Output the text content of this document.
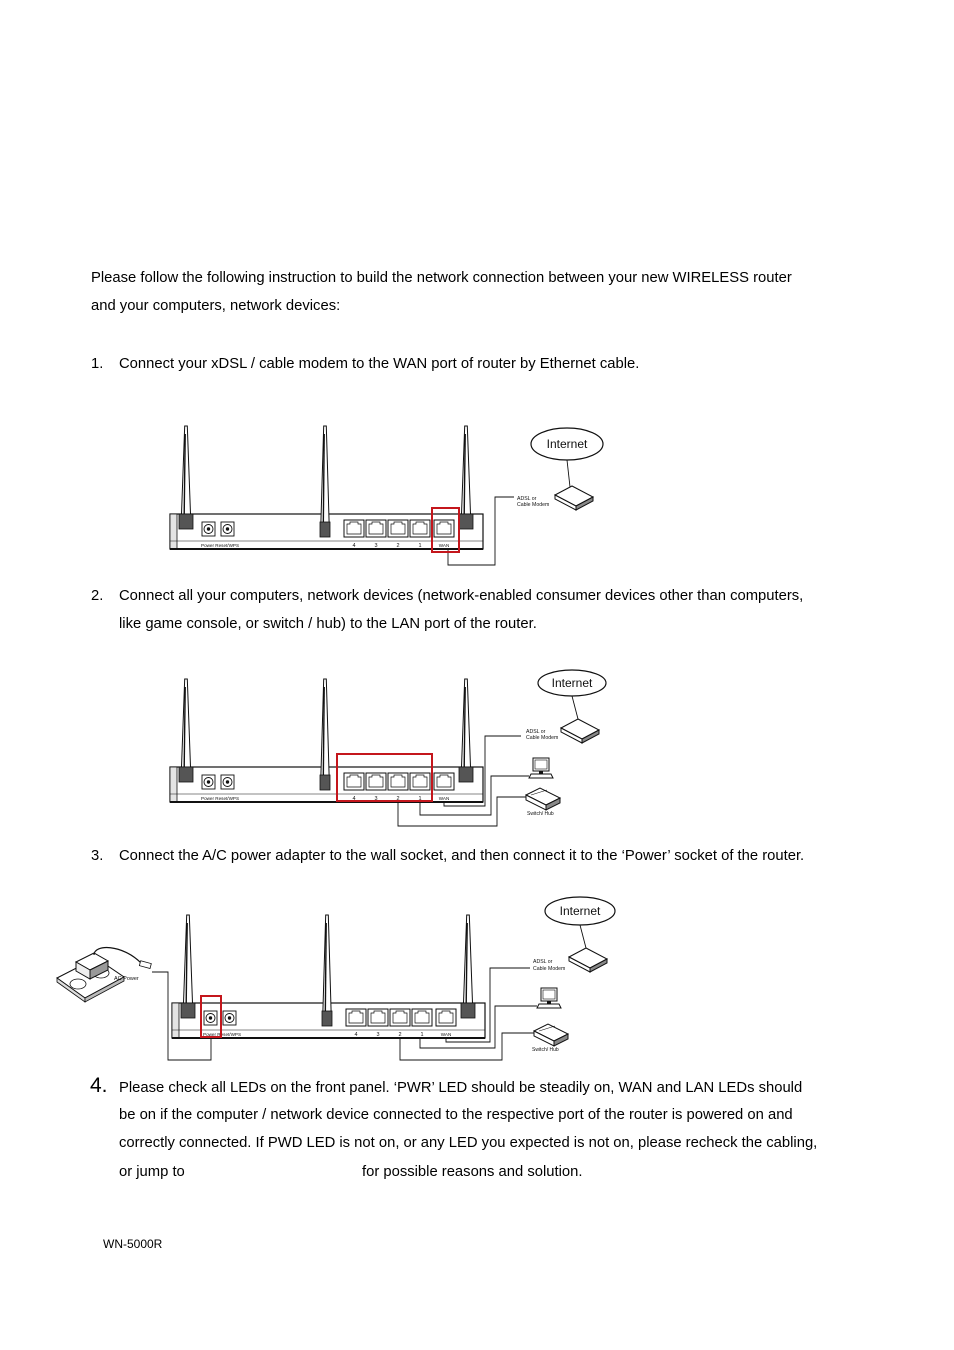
Power Reset/WPS	4	3	2	1	WAN
Internet
ADSL or
Cable Modem
Power Reset/WPS	4	3	2	1	WAN
Internet
ADSL or
Cable Modem
Switch/ Hub
Power Reset/WPS	4	3	2	1	WAN
Internet
ADSL or
Cable Modem
Switch/ Hub
AC Power
Please follow the following instruction to build the network connection between your new WIRELESS router
and your computers, network devices:
1. Connect your xDSL / cable modem to the WAN port of router by Ethernet cable.
2. Connect all your computers, network devices (network-enabled consumer devices other than computers,
like game console, or switch / hub) to the LAN port of the router.
3. Connect the A/C power adapter to the wall socket, and then connect it to the ‘Power’ socket of the router.
4. Please check all LEDs on the front panel. ‘PWR’ LED should be steadily on, WAN and LAN LEDs should
be on if the computer / network device connected to the respective port of the router is powered on and
correctly connected. If PWD LED is not on, or any LED you expected is not on, please recheck the cabling,
or jump to	for possible reasons and solution.
WN-5000R
